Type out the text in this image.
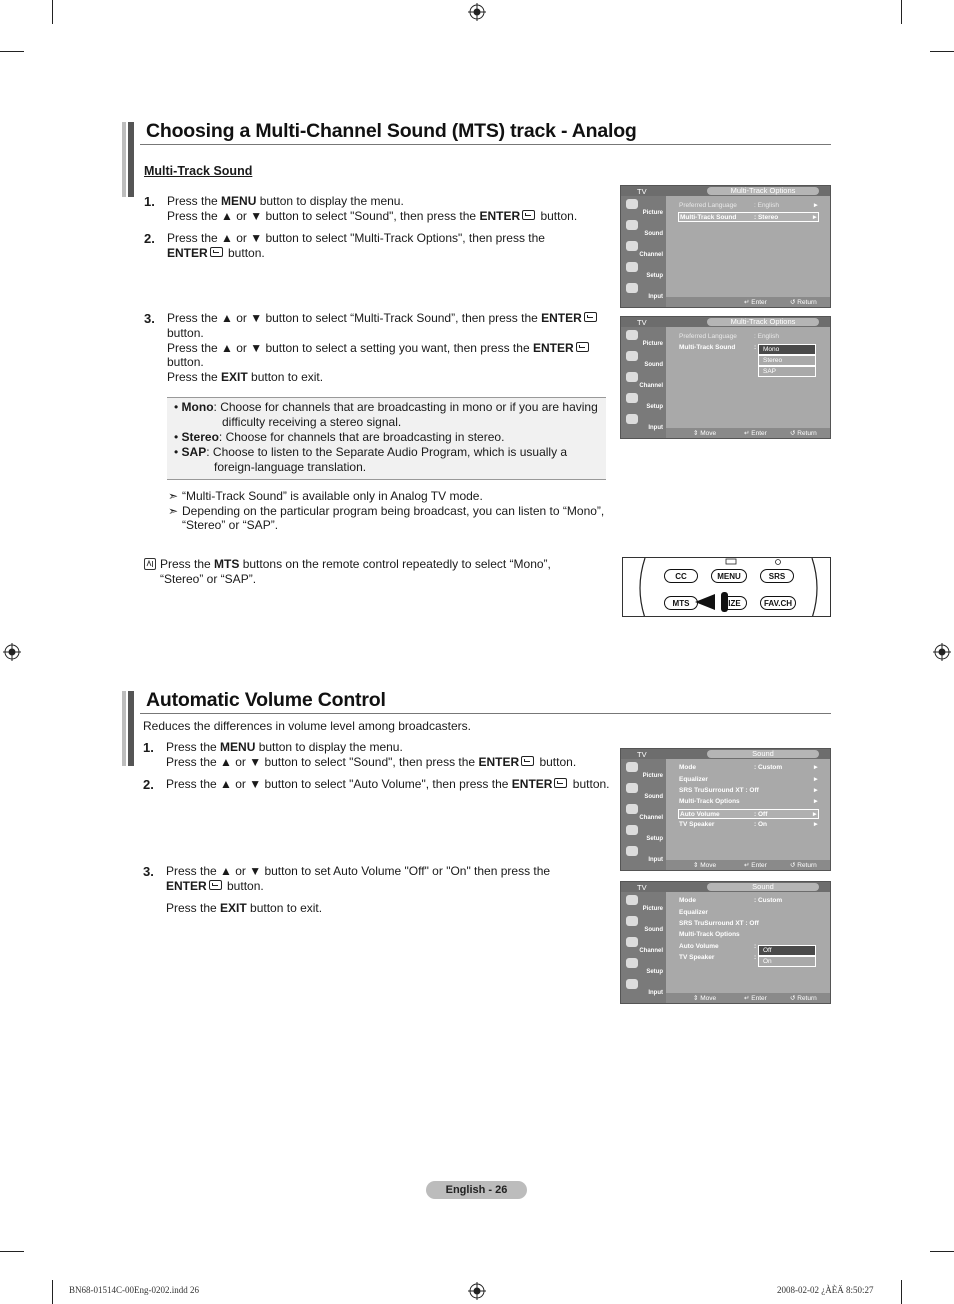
Choosing a Multi-Channel Sound (MTS) track - Analog
Multi-Track Sound
1. Press the MENU button to display the menu.
Press the ▲ or ▼ button to select "Sound", then press the ENTER button.
2. Press the ▲ or ▼ button to select "Multi-Track Options", then press the
ENTER button.
3. Press the ▲ or ▼ button to select “Multi-Track Sound”, then press the ENTER
button.
Press the ▲ or ▼ button to select a setting you want, then press the ENTER
button.
Press the EXIT button to exit.
• Mono: Choose for channels that are broadcasting in mono or if you are having
difficulty receiving a stereo signal.
• Stereo: Choose for channels that are broadcasting in stereo.
• SAP: Choose to listen to the Separate Audio Program, which is usually a
foreign-language translation.
➣ “Multi-Track Sound” is available only in Analog TV mode.
➣ Depending on the particular program being broadcast, you can listen to “Mono”,
“Stereo” or “SAP”.
Press the MTS buttons on the remote control repeatedly to select “Mono”,
“Stereo” or “SAP”.
TV	Multi-Track Options
Picture
Sound
Channel
Setup
Input
Preferred Language	: English	►
Multi-Track Sound	: Stereo	►
↵ Enter	↺ Return
TV	Multi-Track Options
Picture
Sound
Channel
Setup
Input
Preferred Language	: English
Multi-Track Sound	:	Mono
Stereo
SAP
⇕ Move	↵ Enter	↺ Return
CC	MENU	SRS
MTS	IZE	FAV.CH
Automatic Volume Control
Reduces the differences in volume level among broadcasters.
1. Press the MENU button to display the menu.
Press the ▲ or ▼ button to select "Sound", then press the ENTER button.
2. Press the ▲ or ▼ button to select "Auto Volume", then press the ENTER button.
3. Press the ▲ or ▼ button to set Auto Volume "Off" or "On" then press the
ENTER button.
Press the EXIT button to exit.
TV	Sound
Picture
Sound
Channel
Setup
Input
Mode	: Custom	►
Equalizer	►
SRS TruSurround XT : Off	►
Multi-Track Options	►
Auto Volume	: Off	►
TV Speaker	: On	►
⇕ Move	↵ Enter	↺ Return
TV	Sound
Picture
Sound
Channel
Setup
Input
Mode	: Custom
Equalizer
SRS TruSurround XT : Off
Multi-Track Options
Auto Volume	:
TV Speaker	:
Off
On
⇕ Move	↵ Enter	↺ Return
English - 26
BN68-01514C-00Eng-0202.indd 26	2008-02-02 ¿ÀÈÄ 8:50:27
